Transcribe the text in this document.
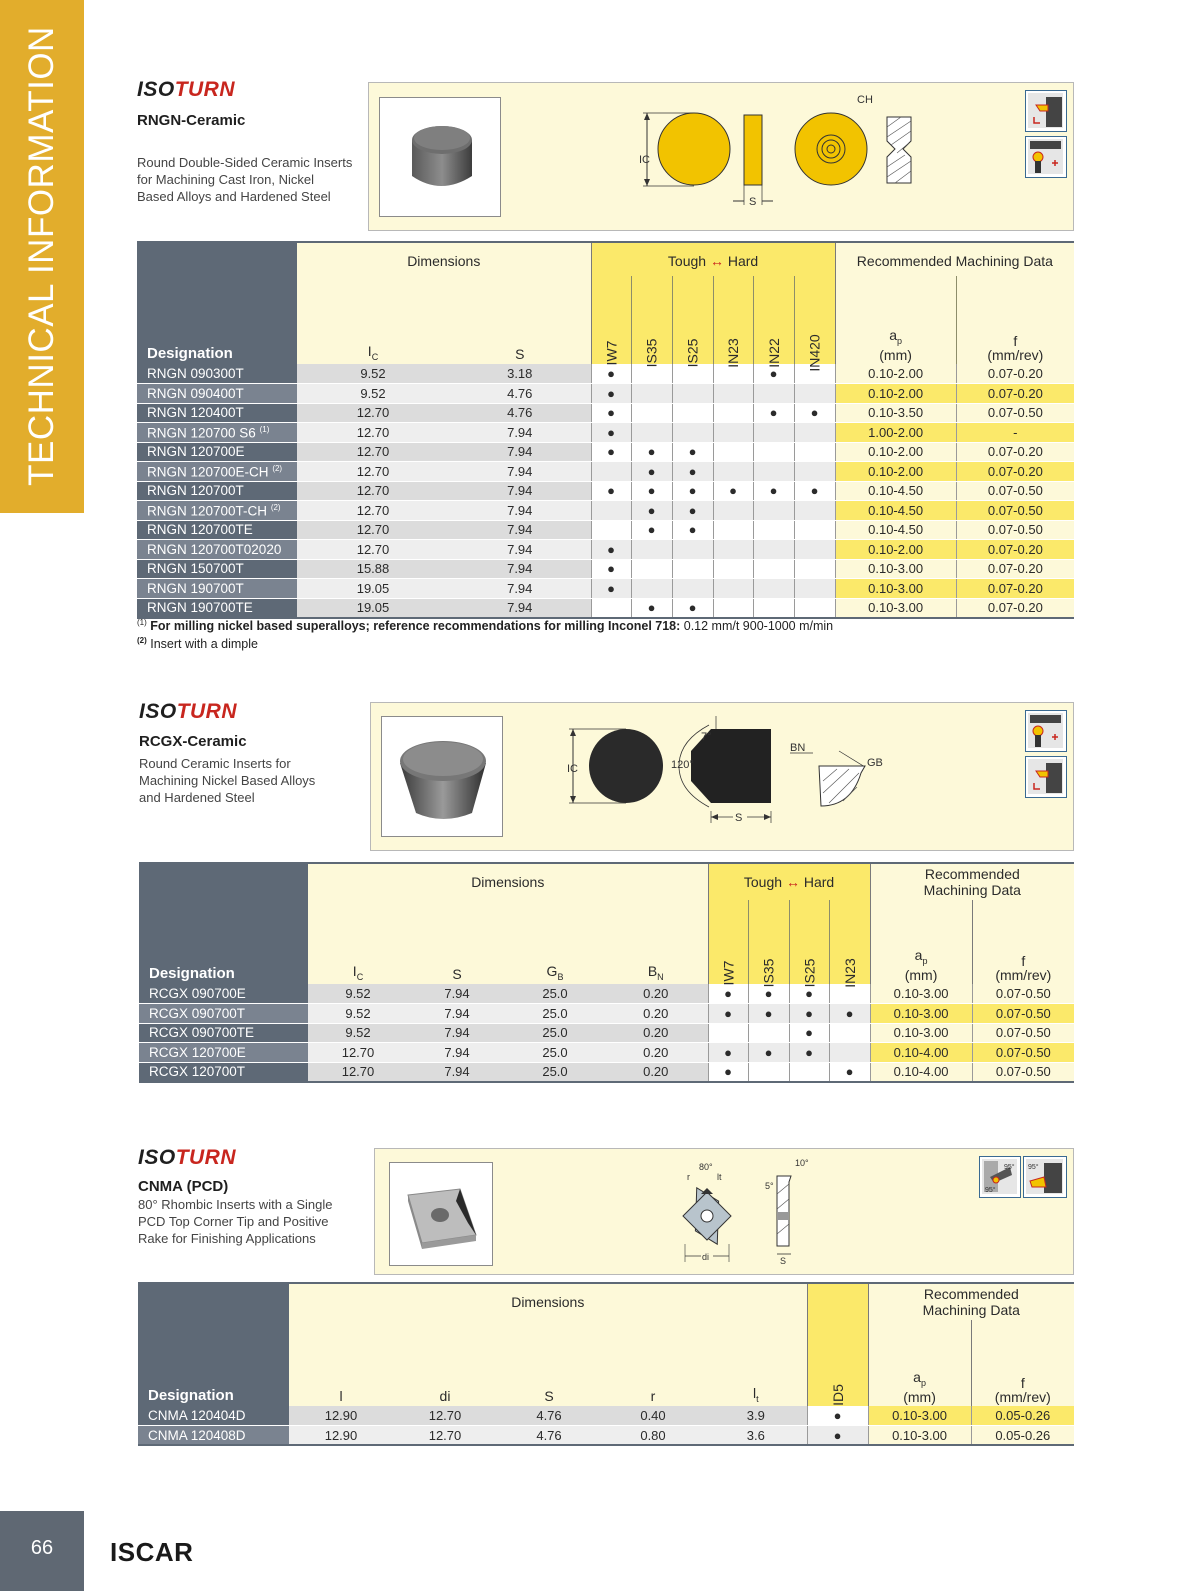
TECHNICAL INFORMATION
66	ISCAR
ISOTURN
RNGN-Ceramic
Round Double-Sided Ceramic Inserts
for Machining Cast Iron, Nickel
Based Alloys and Hardened Steel
IC
S
CH
Designation	Dimensions		Tough ↔ Hard						Recommended Machining Data	
	$I_C$	S	IW7	IS35	IS25	IN23	IN22	IN420	$a_p$
(mm)	f
(mm/rev)
RNGN 090300T	9.52	3.18	●				●		0.10-2.00	0.07-0.20
RNGN 090400T	9.52	4.76	●						0.10-2.00	0.07-0.20
RNGN 120400T	12.70	4.76	●				●	●	0.10-3.50	0.07-0.50
RNGN 120700 S6 $^{(1)}$	12.70	7.94	●						1.00-2.00	-
RNGN 120700E	12.70	7.94	●	●	●				0.10-2.00	0.07-0.20
RNGN 120700E-CH $^{(2)}$	12.70	7.94		●	●				0.10-2.00	0.07-0.20
RNGN 120700T	12.70	7.94	●	●	●	●	●	●	0.10-4.50	0.07-0.50
RNGN 120700T-CH $^{(2)}$	12.70	7.94		●	●				0.10-4.50	0.07-0.50
RNGN 120700TE	12.70	7.94		●	●				0.10-4.50	0.07-0.50
RNGN 120700T02020	12.70	7.94	●						0.10-2.00	0.07-0.20
RNGN 150700T	15.88	7.94	●						0.10-3.00	0.07-0.20
RNGN 190700T	19.05	7.94	●						0.10-3.00	0.07-0.20
RNGN 190700TE	19.05	7.94		●	●				0.10-3.00	0.07-0.20
$^{(1)}$ For milling nickel based superalloys; reference recommendations for milling Inconel 718: 0.12 mm/t 900-1000 m/min
$^{(2)}$ Insert with a dimple
ISOTURN
RCGX-Ceramic
Round Ceramic Inserts for
Machining Nickel Based Alloys
and Hardened Steel
IC	120°
7°
S
BN
GB
Designation	Dimensions				Tough ↔ Hard				Recommended
Machining Data	
	$I_C$	S	$G_B$	$B_N$	IW7	IS35	IS25	IN23	$a_p$
(mm)	f
(mm/rev)
RCGX 090700E	9.52	7.94	25.0	0.20	●	●	●		0.10-3.00	0.07-0.50
RCGX 090700T	9.52	7.94	25.0	0.20	●	●	●	●	0.10-3.00	0.07-0.50
RCGX 090700TE	9.52	7.94	25.0	0.20			●		0.10-3.00	0.07-0.50
RCGX 120700E	12.70	7.94	25.0	0.20	●	●	●		0.10-4.00	0.07-0.50
RCGX 120700T	12.70	7.94	25.0	0.20	●			●	0.10-4.00	0.07-0.50
ISOTURN
CNMA (PCD)
80° Rhombic Inserts with a Single
PCD Top Corner Tip and Positive
Rake for Finishing Applications
80°
r	lt
di
5°
10°
S
95°
95°
95°
Designation	Dimensions						Recommended
Machining Data	
	l	di	S	r	$l_t$	ID5	$a_p$
(mm)	f
(mm/rev)
CNMA 120404D	12.90	12.70	4.76	0.40	3.9	●	0.10-3.00	0.05-0.26
CNMA 120408D	12.90	12.70	4.76	0.80	3.6	●	0.10-3.00	0.05-0.26
